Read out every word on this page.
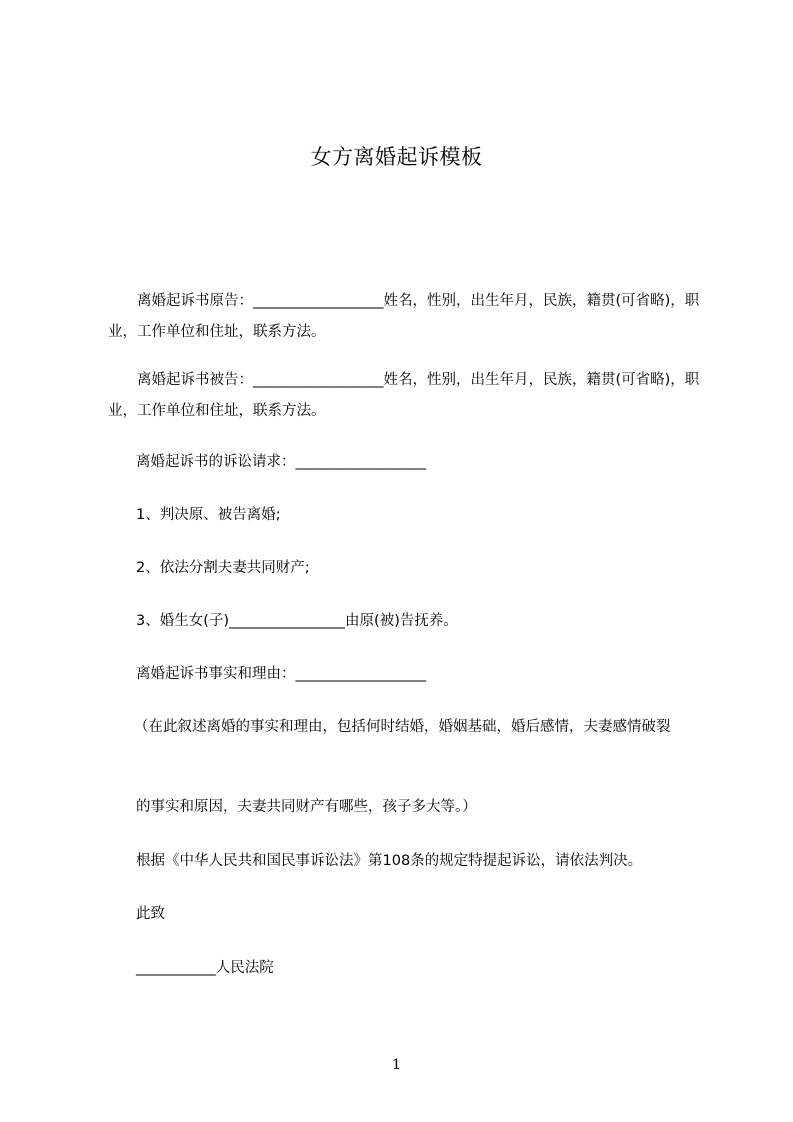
女方离婚起诉模板

离婚起诉书原告：__________________姓名，性别，出生年月，民族，籍贯(可省略)，职业，工作单位和住址，联系方法。

离婚起诉书被告：__________________姓名，性别，出生年月，民族，籍贯(可省略)，职业，工作单位和住址，联系方法。

离婚起诉书的诉讼请求：__________________

1、判决原、被告离婚;

2、依法分割夫妻共同财产;

3、婚生女(子)________________由原(被)告抚养。

离婚起诉书事实和理由：__________________

（在此叙述离婚的事实和理由，包括何时结婚，婚姻基础，婚后感情，夫妻感情破裂

的事实和原因，夫妻共同财产有哪些，孩子多大等。）

根据《中华人民共和国民事诉讼法》第108条的规定特提起诉讼，请依法判决。

此致

___________人民法院

1
